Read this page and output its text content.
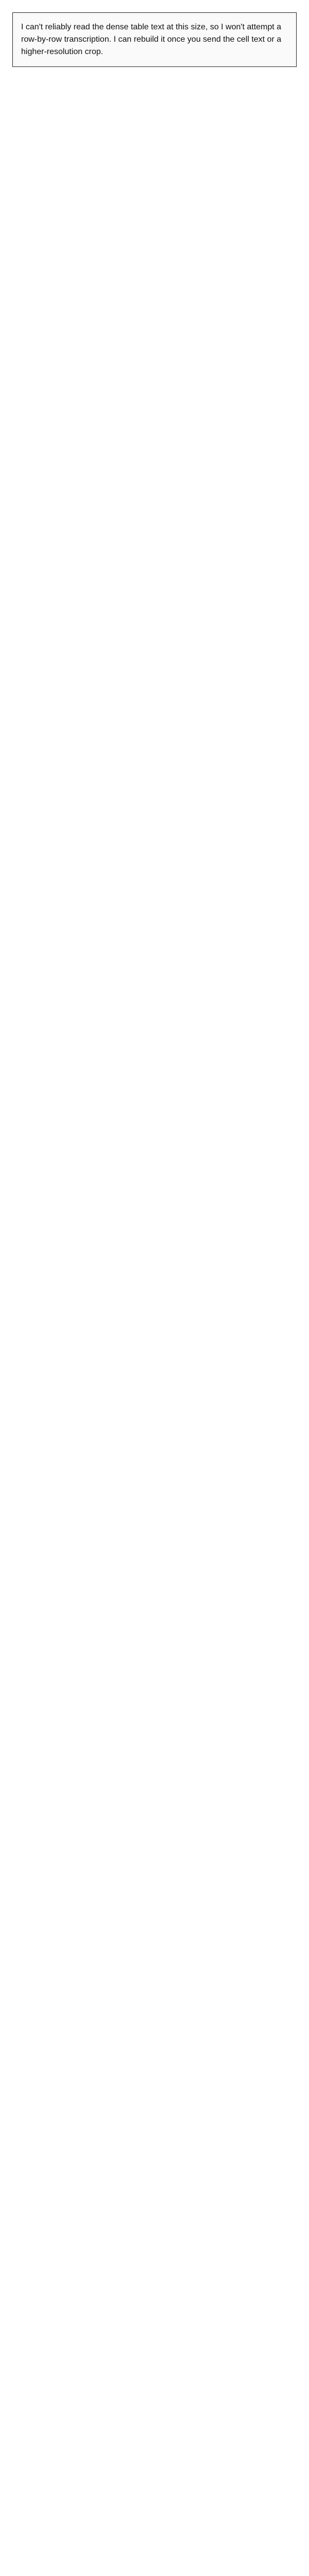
I can't reliably read the dense table text at this size, so I won't attempt a row-by-row transcription. I can rebuild it once you send the cell text or a higher-resolution crop.
